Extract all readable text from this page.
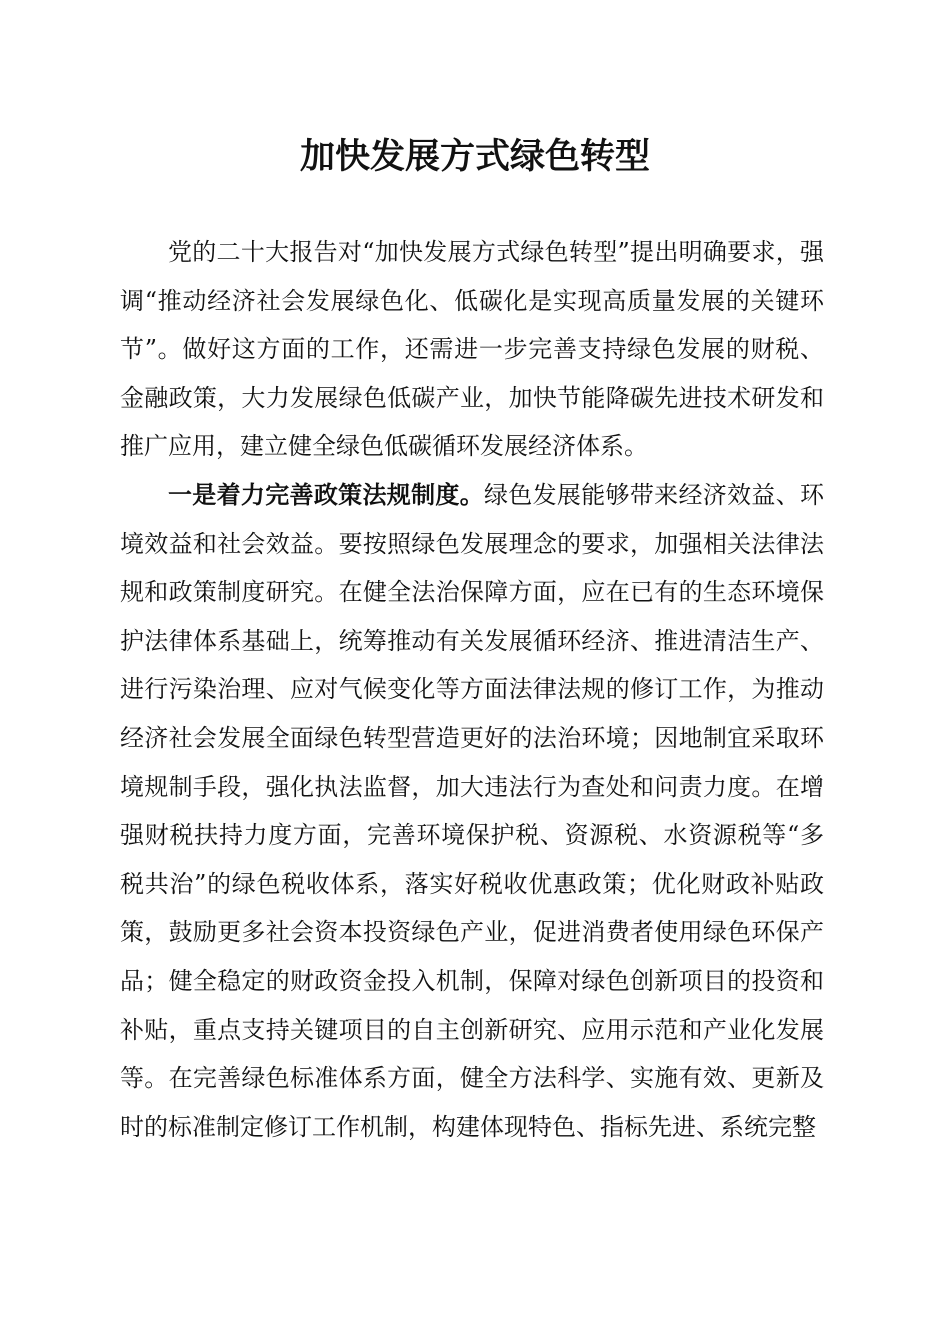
加快发展方式绿色转型

党的二十大报告对“加快发展方式绿色转型”提出明确要求，强调“推动经济社会发展绿色化、低碳化是实现高质量发展的关键环节”。做好这方面的工作，还需进一步完善支持绿色发展的财税、金融政策，大力发展绿色低碳产业，加快节能降碳先进技术研发和推广应用，建立健全绿色低碳循环发展经济体系。

一是着力完善政策法规制度。绿色发展能够带来经济效益、环境效益和社会效益。要按照绿色发展理念的要求，加强相关法律法规和政策制度研究。在健全法治保障方面，应在已有的生态环境保护法律体系基础上，统筹推动有关发展循环经济、推进清洁生产、进行污染治理、应对气候变化等方面法律法规的修订工作，为推动经济社会发展全面绿色转型营造更好的法治环境；因地制宜采取环境规制手段，强化执法监督，加大违法行为查处和问责力度。在增强财税扶持力度方面，完善环境保护税、资源税、水资源税等“多税共治”的绿色税收体系，落实好税收优惠政策；优化财政补贴政策，鼓励更多社会资本投资绿色产业，促进消费者使用绿色环保产品；健全稳定的财政资金投入机制，保障对绿色创新项目的投资和补贴，重点支持关键项目的自主创新研究、应用示范和产业化发展等。在完善绿色标准体系方面，健全方法科学、实施有效、更新及时的标准制定修订工作机制，构建体现特色、指标先进、系统完整
